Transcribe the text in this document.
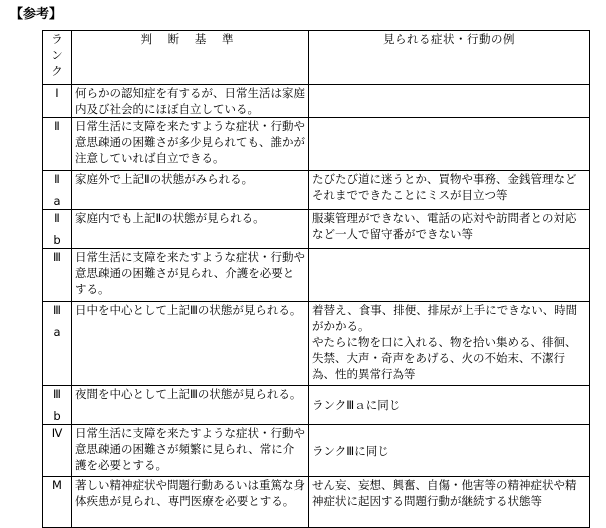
【参考】
ラ
ン
ク	判 断 基 準	見られる症状・行動の例

Ⅰ	何らかの認知症を有するが、日常生活は家庭内及び社会的にほぼ自立している。	

Ⅱ	日常生活に支障を来たすような症状・行動や意思疎通の困難さが多少見られても、誰かが注意していれば自立できる。	

Ⅱ
a	家庭外で上記Ⅱの状態がみられる。	たびたび道に迷うとか、買物や事務、金銭管理などそれまでできたことにミスが目立つ等

Ⅱ
b	家庭内でも上記Ⅱの状態が見られる。	服薬管理ができない、電話の応対や訪問者との対応など一人で留守番ができない等

Ⅲ	日常生活に支障を来たすような症状・行動や意思疎通の困難さが見られ、介護を必要とする。	

Ⅲ
a	日中を中心として上記Ⅲの状態が見られる。	着替え、食事、排便、排尿が上手にできない、時間がかかる。
やたらに物を口に入れる、物を拾い集める、徘徊、失禁、大声・奇声をあげる、火の不始末、不潔行為、性的異常行為等

Ⅲ
b	夜間を中心として上記Ⅲの状態が見られる。	ランクⅢａに同じ

Ⅳ	日常生活に支障を来たすような症状・行動や意思疎通の困難さが頻繁に見られ、常に介護を必要とする。	ランクⅢに同じ

M	著しい精神症状や問題行動あるいは重篤な身体疾患が見られ、専門医療を必要とする。	せん妄、妄想、興奮、自傷・他害等の精神症状や精神症状に起因する問題行動が継続する状態等
